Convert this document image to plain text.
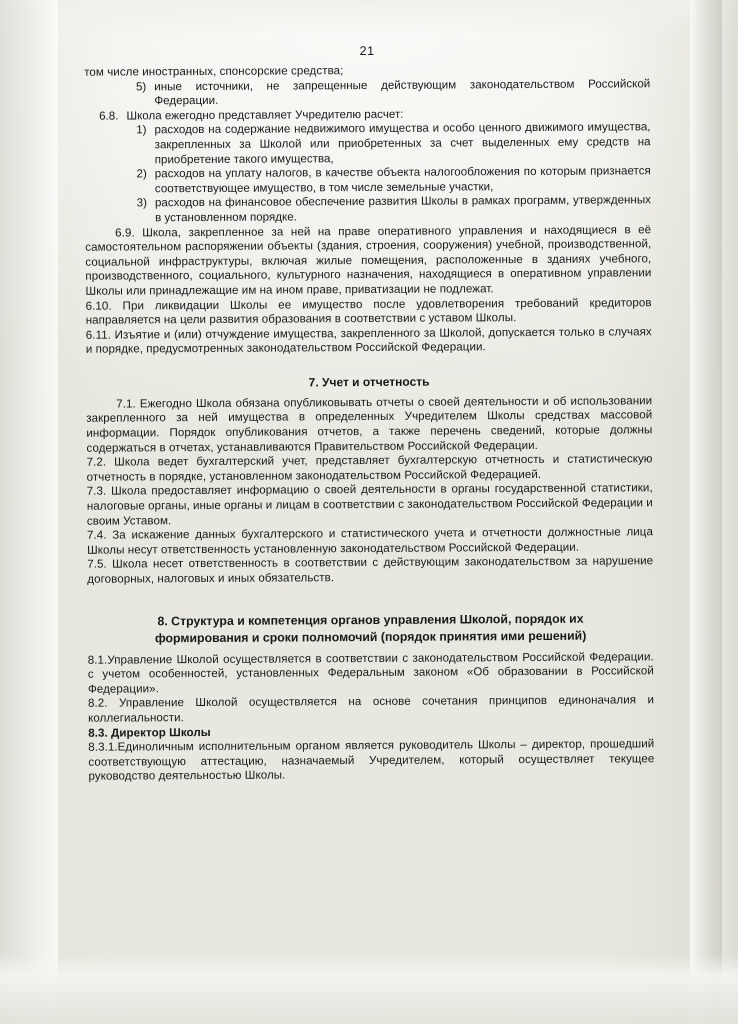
21

том числе иностранных, спонсорские средства;

5) иные источники, не запрещенные действующим законодательством Российской Федерации.
6.8. Школа ежегодно представляет Учредителю расчет:
1) расходов на содержание недвижимого имущества и особо ценного движимого имущества, закрепленных за Школой или приобретенных за счет выделенных ему средств на приобретение такого имущества,
2) расходов на уплату налогов, в качестве объекта налогообложения по которым признается соответствующее имущество, в том числе земельные участки,
3) расходов на финансовое обеспечение развития Школы в рамках программ, утвержденных в установленном порядке.

6.9. Школа, закрепленное за ней на праве оперативного управления и находящиеся в её самостоятельном распоряжении объекты (здания, строения, сооружения) учебной, производственной, социальной инфраструктуры, включая жилые помещения, расположенные в зданиях учебного, производственного, социального, культурного назначения, находящиеся в оперативном управлении Школы или принадлежащие им на ином праве, приватизации не подлежат.

6.10. При ликвидации Школы ее имущество после удовлетворения требований кредиторов направляется на цели развития образования в соответствии с уставом Школы.

6.11. Изъятие и (или) отчуждение имущества, закрепленного за Школой, допускается только в случаях и порядке, предусмотренных законодательством Российской Федерации.

7. Учет и отчетность

7.1. Ежегодно Школа обязана опубликовывать отчеты о своей деятельности и об использовании закрепленного за ней имущества в определенных Учредителем Школы средствах массовой информации. Порядок опубликования отчетов, а также перечень сведений, которые должны содержаться в отчетах, устанавливаются Правительством Российской Федерации.

7.2. Школа ведет бухгалтерский учет, представляет бухгалтерскую отчетность и статистическую отчетность в порядке, установленном законодательством Российской Федерацией.

7.3. Школа предоставляет информацию о своей деятельности в органы государственной статистики, налоговые органы, иные органы и лицам в соответствии с законодательством Российской Федерации и своим Уставом.

7.4. За искажение данных бухгалтерского и статистического учета и отчетности должностные лица Школы несут ответственность установленную законодательством Российской Федерации.

7.5. Школа несет ответственность в соответствии с действующим законодательством за нарушение договорных, налоговых и иных обязательств.

8. Структура и компетенция органов управления Школой, порядок их
формирования и сроки полномочий (порядок принятия ими решений)

8.1.Управление Школой осуществляется в соответствии с законодательством Российской Федерации. с учетом особенностей, установленных Федеральным законом «Об образовании в Российской Федерации».

8.2. Управление Школой осуществляется на основе сочетания принципов единоначалия и коллегиальности.

8.3. Директор Школы

8.3.1.Единоличным исполнительным органом является руководитель Школы – директор, прошедший соответствующую аттестацию, назначаемый Учредителем, который осуществляет текущее руководство деятельностью Школы.
